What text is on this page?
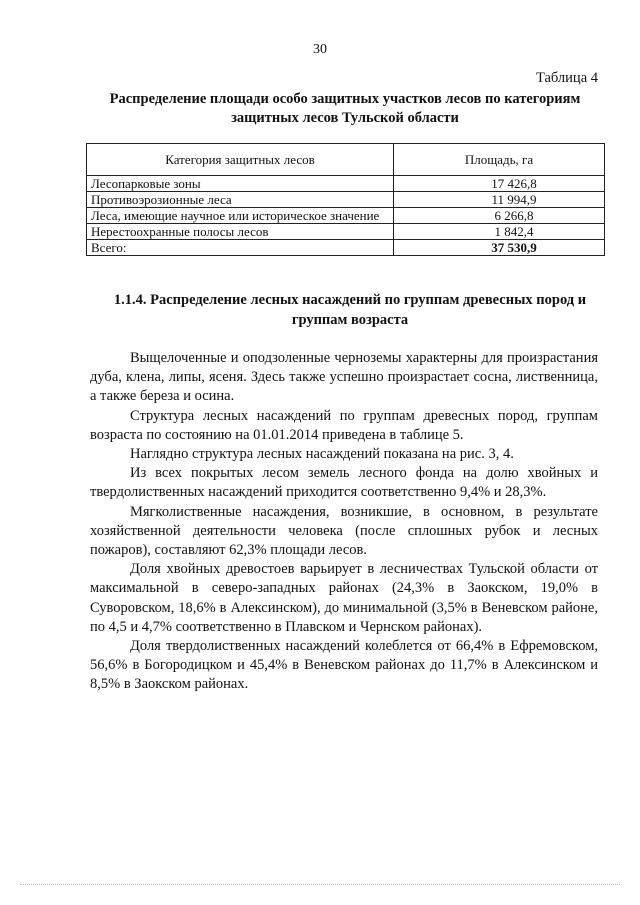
30
Таблица 4
Распределение площади особо защитных участков лесов по категориям защитных лесов Тульской области
Категория защитных лесов	Площадь, га
Лесопарковые зоны	17 426,8
Противоэрозионные леса	11 994,9
Леса, имеющие научное или историческое значение	6 266,8
Нерестоохранные полосы лесов	1 842,4
Всего:	37 530,9
1.1.4. Распределение лесных насаждений по группам древесных пород и группам возраста

Выщелоченные и оподзоленные черноземы характерны для произрастания дуба, клена, липы, ясеня. Здесь также успешно произрастает сосна, лиственница, а также береза и осина.

Структура лесных насаждений по группам древесных пород, группам возраста по состоянию на 01.01.2014 приведена в таблице 5.

Наглядно структура лесных насаждений показана на рис. 3, 4.

Из всех покрытых лесом земель лесного фонда на долю хвойных и твердолиственных насаждений приходится соответственно 9,4% и 28,3%.

Мягколиственные насаждения, возникшие, в основном, в результате хозяйственной деятельности человека (после сплошных рубок и лесных пожаров), составляют 62,3% площади лесов.

Доля хвойных древостоев варьирует в лесничествах Тульской области от максимальной в северо-западных районах (24,3% в Заокском, 19,0% в Суворовском, 18,6% в Алексинском), до минимальной (3,5% в Веневском районе, по 4,5 и 4,7% соответственно в Плавском и Чернском районах).

Доля твердолиственных насаждений колеблется от 66,4% в Ефремовском, 56,6% в Богородицком и 45,4% в Веневском районах до 11,7% в Алексинском и 8,5% в Заокском районах.
